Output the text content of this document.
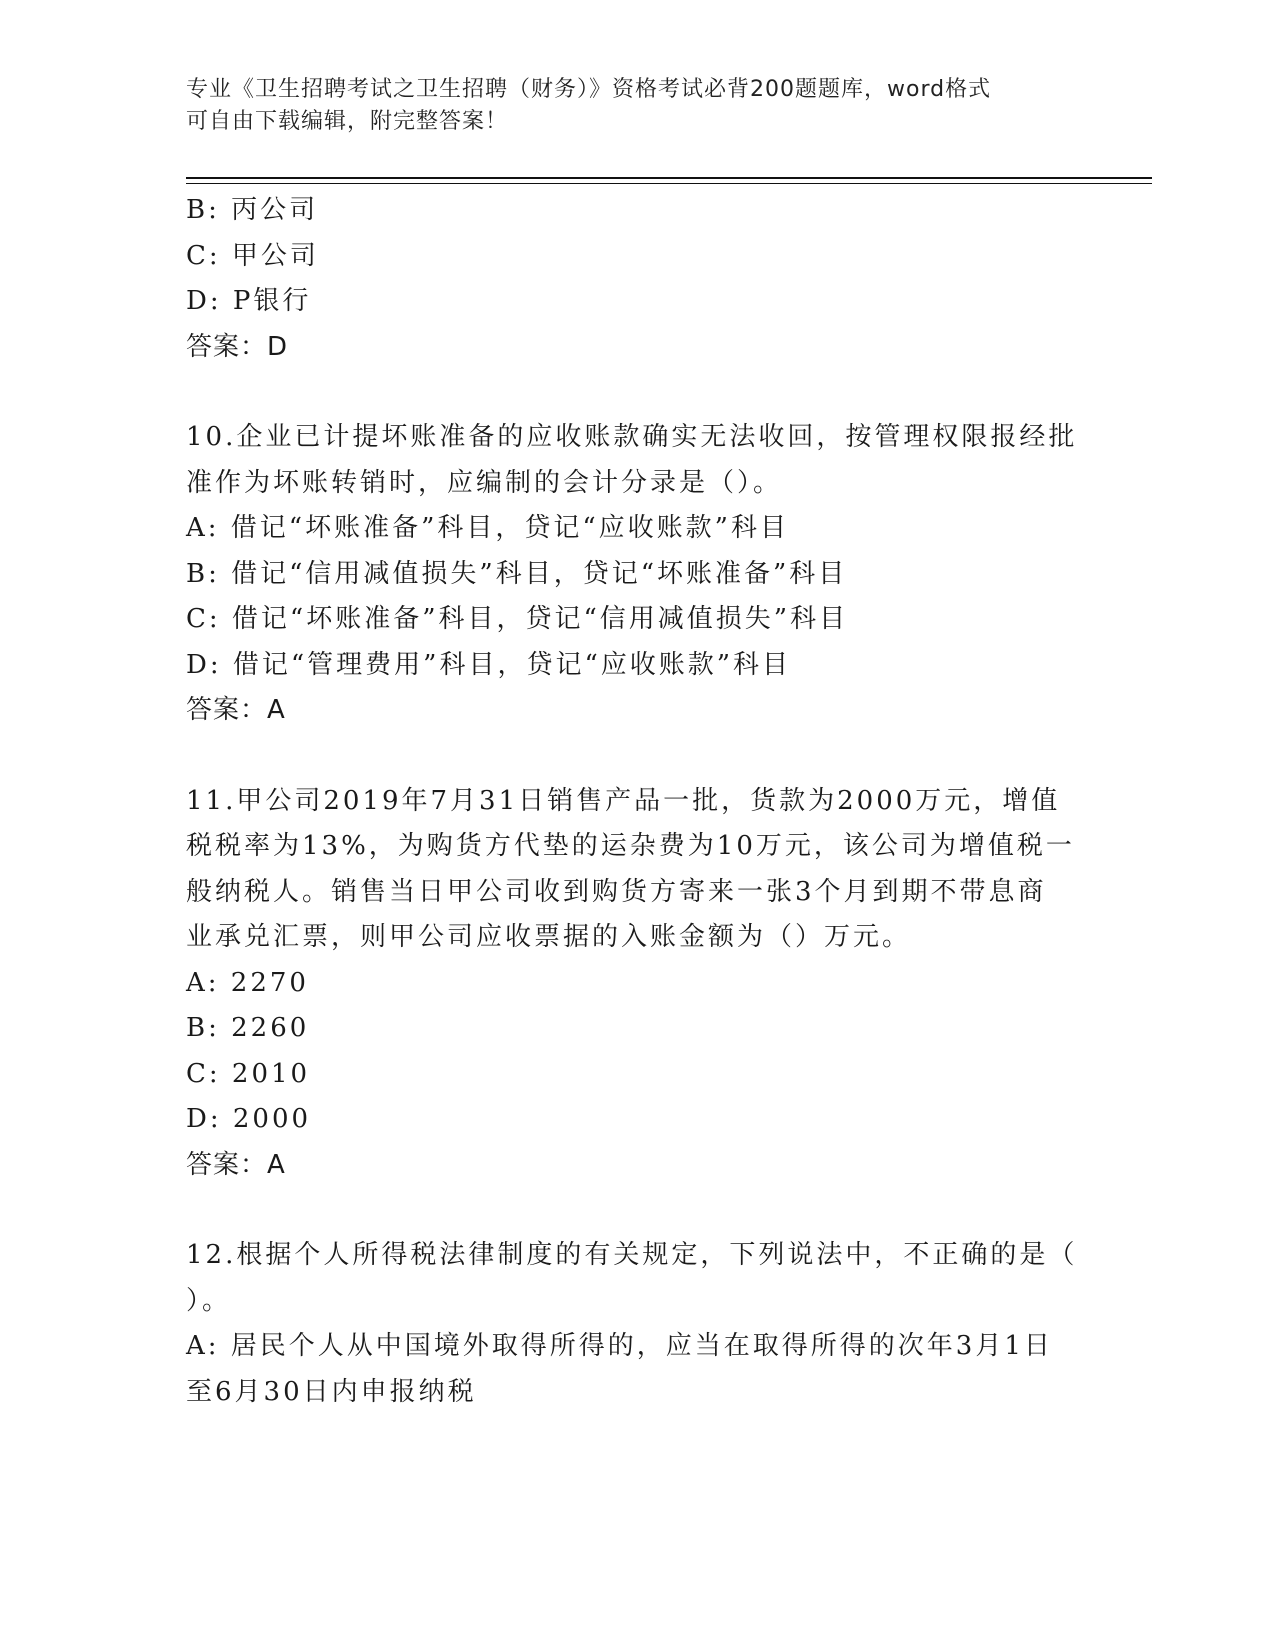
专业《卫生招聘考试之卫生招聘（财务）》资格考试必背200题题库，word格式
可自由下载编辑，附完整答案！
B: 丙公司
C: 甲公司
D: P银行
答案：D
10.企业已计提坏账准备的应收账款确实无法收回，按管理权限报经批
准作为坏账转销时，应编制的会计分录是（）。
A: 借记“坏账准备”科目，贷记“应收账款”科目
B: 借记“信用减值损失”科目，贷记“坏账准备”科目
C: 借记“坏账准备”科目，贷记“信用减值损失”科目
D: 借记“管理费用”科目，贷记“应收账款”科目
答案：A
11.甲公司2019年7月31日销售产品一批，货款为2000万元，增值
税税率为13%，为购货方代垫的运杂费为10万元，该公司为增值税一
般纳税人。销售当日甲公司收到购货方寄来一张3个月到期不带息商
业承兑汇票，则甲公司应收票据的入账金额为（）万元。
A: 2270
B: 2260
C: 2010
D: 2000
答案：A
12.根据个人所得税法律制度的有关规定，下列说法中，不正确的是（
）。
A: 居民个人从中国境外取得所得的，应当在取得所得的次年3月1日
至6月30日内申报纳税
